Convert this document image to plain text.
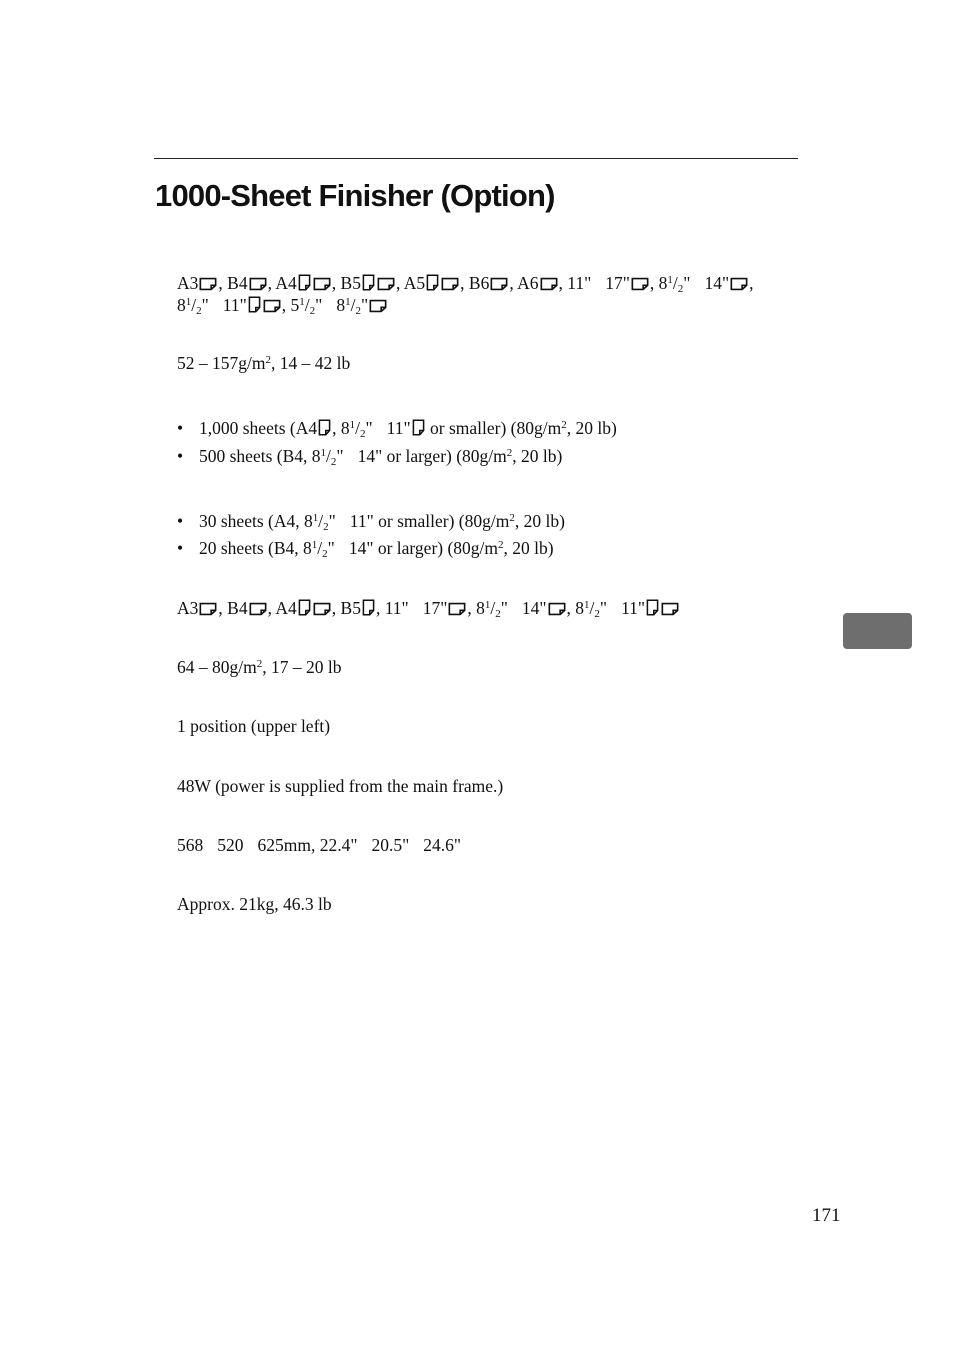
1000-Sheet Finisher (Option)
A3 , B4 , A4 , B5 , A5 , B6 , A6 , 11" 17" , $8^1/_2$" 14" ,
$8^1/_2$" 11" , $5^1/_2$" $8^1/_2$"
$52 - 157g/m^2$, 14 – 42 lb
• 1,000 sheets (A4 , $8^1/_2$" 11" or smaller) ($80g/m^2$, 20 lb)
• 500 sheets (B4, $8^1/_2$" 14" or larger) ($80g/m^2$, 20 lb)
• 30 sheets (A4, $8^1/_2$" 11" or smaller) ($80g/m^2$, 20 lb)
• 20 sheets (B4, $8^1/_2$" 14" or larger) ($80g/m^2$, 20 lb)
A3 , B4 , A4 , B5 , 11" 17" , $8^1/_2$" 14" , $8^1/_2$" 11"
$64 - 80g/m^2$, 17 – 20 lb
1 position (upper left)
48W (power is supplied from the main frame.)
568 520 625mm, 22.4" 20.5" 24.6"
Approx. 21kg, 46.3 lb
171
